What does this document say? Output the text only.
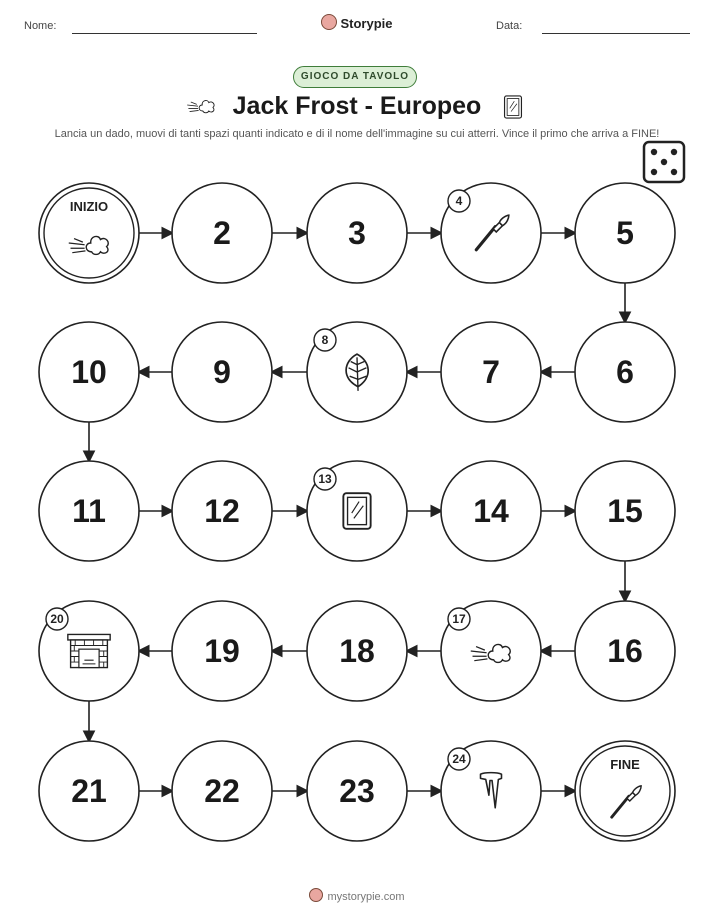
Nome:	Storypie	Data:
GIOCO DA TAVOLO
Jack Frost - Europeo
Lancia un dado, muovi di tanti spazi quanti indicato e di il nome dell'immagine su cui atterri. Vince il primo che arriva a FINE!
INIZIO
2	3
4
5
6
7
8
9
10
11	12
13
14	15
16
17
18
19
20
21	22	23
24	FINE
mystorypie.com
